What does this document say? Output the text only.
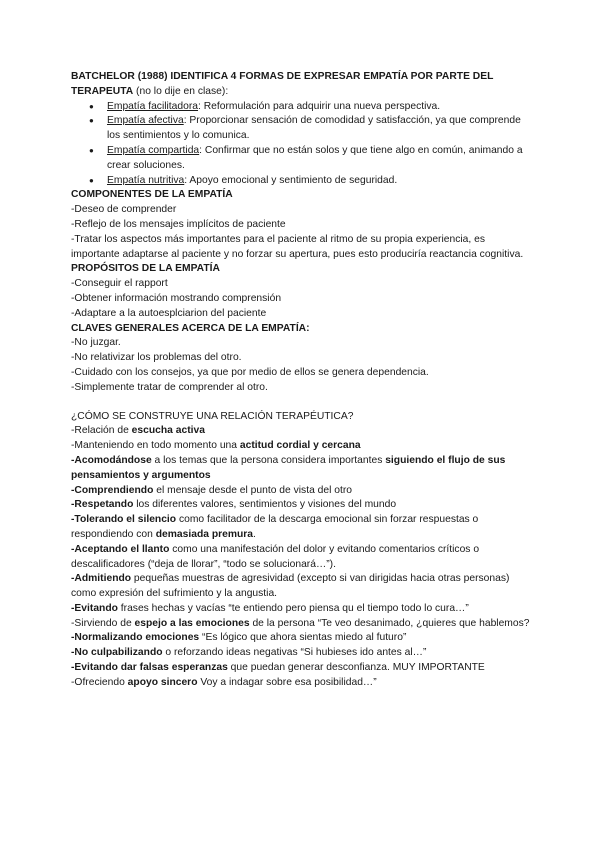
BATCHELOR (1988) IDENTIFICA 4 FORMAS DE EXPRESAR EMPATÍA POR PARTE DEL TERAPEUTA (no lo dije en clase):
● Empatía facilitadora: Reformulación para adquirir una nueva perspectiva.
● Empatía afectiva: Proporcionar sensación de comodidad y satisfacción, ya que comprende los sentimientos y lo comunica.
● Empatía compartida: Confirmar que no están solos y que tiene algo en común, animando a crear soluciones.
● Empatía nutritiva: Apoyo emocional y sentimiento de seguridad.
COMPONENTES DE LA EMPATÍA
-Deseo de comprender
-Reflejo de los mensajes implícitos de paciente
-Tratar los aspectos más importantes para el paciente al ritmo de su propia experiencia, es importante adaptarse al paciente y no forzar su apertura, pues esto produciría reactancia cognitiva.
PROPÓSITOS DE LA EMPATÍA
-Conseguir el rapport
-Obtener información mostrando comprensión
-Adaptare a la autoesplciarion del paciente
CLAVES GENERALES ACERCA DE LA EMPATÍA:
-No juzgar.
-No relativizar los problemas del otro.
-Cuidado con los consejos, ya que por medio de ellos se genera dependencia.
-Simplemente tratar de comprender al otro.
¿CÓMO SE CONSTRUYE UNA RELACIÓN TERAPÉUTICA?
-Relación de escucha activa
-Manteniendo en todo momento una actitud cordial y cercana
-Acomodándose a los temas que la persona considera importantes siguiendo el flujo de sus pensamientos y argumentos
-Comprendiendo el mensaje desde el punto de vista del otro
-Respetando los diferentes valores, sentimientos y visiones del mundo
-Tolerando el silencio como facilitador de la descarga emocional sin forzar respuestas o respondiendo con demasiada premura.
-Aceptando el llanto como una manifestación del dolor y evitando comentarios críticos o descalificadores (“deja de llorar”, “todo se solucionará…”).
-Admitiendo pequeñas muestras de agresividad (excepto si van dirigidas hacia otras personas) como expresión del sufrimiento y la angustia.
-Evitando frases hechas y vacías “te entiendo pero piensa qu el tiempo todo lo cura…”
-Sirviendo de espejo a las emociones de la persona “Te veo desanimado, ¿quieres que hablemos?
-Normalizando emociones “Es lógico que ahora sientas miedo al futuro”
-No culpabilizando o reforzando ideas negativas “Si hubieses ido antes al…”
-Evitando dar falsas esperanzas que puedan generar desconfianza. MUY IMPORTANTE
-Ofreciendo apoyo sincero Voy a indagar sobre esa posibilidad…”
